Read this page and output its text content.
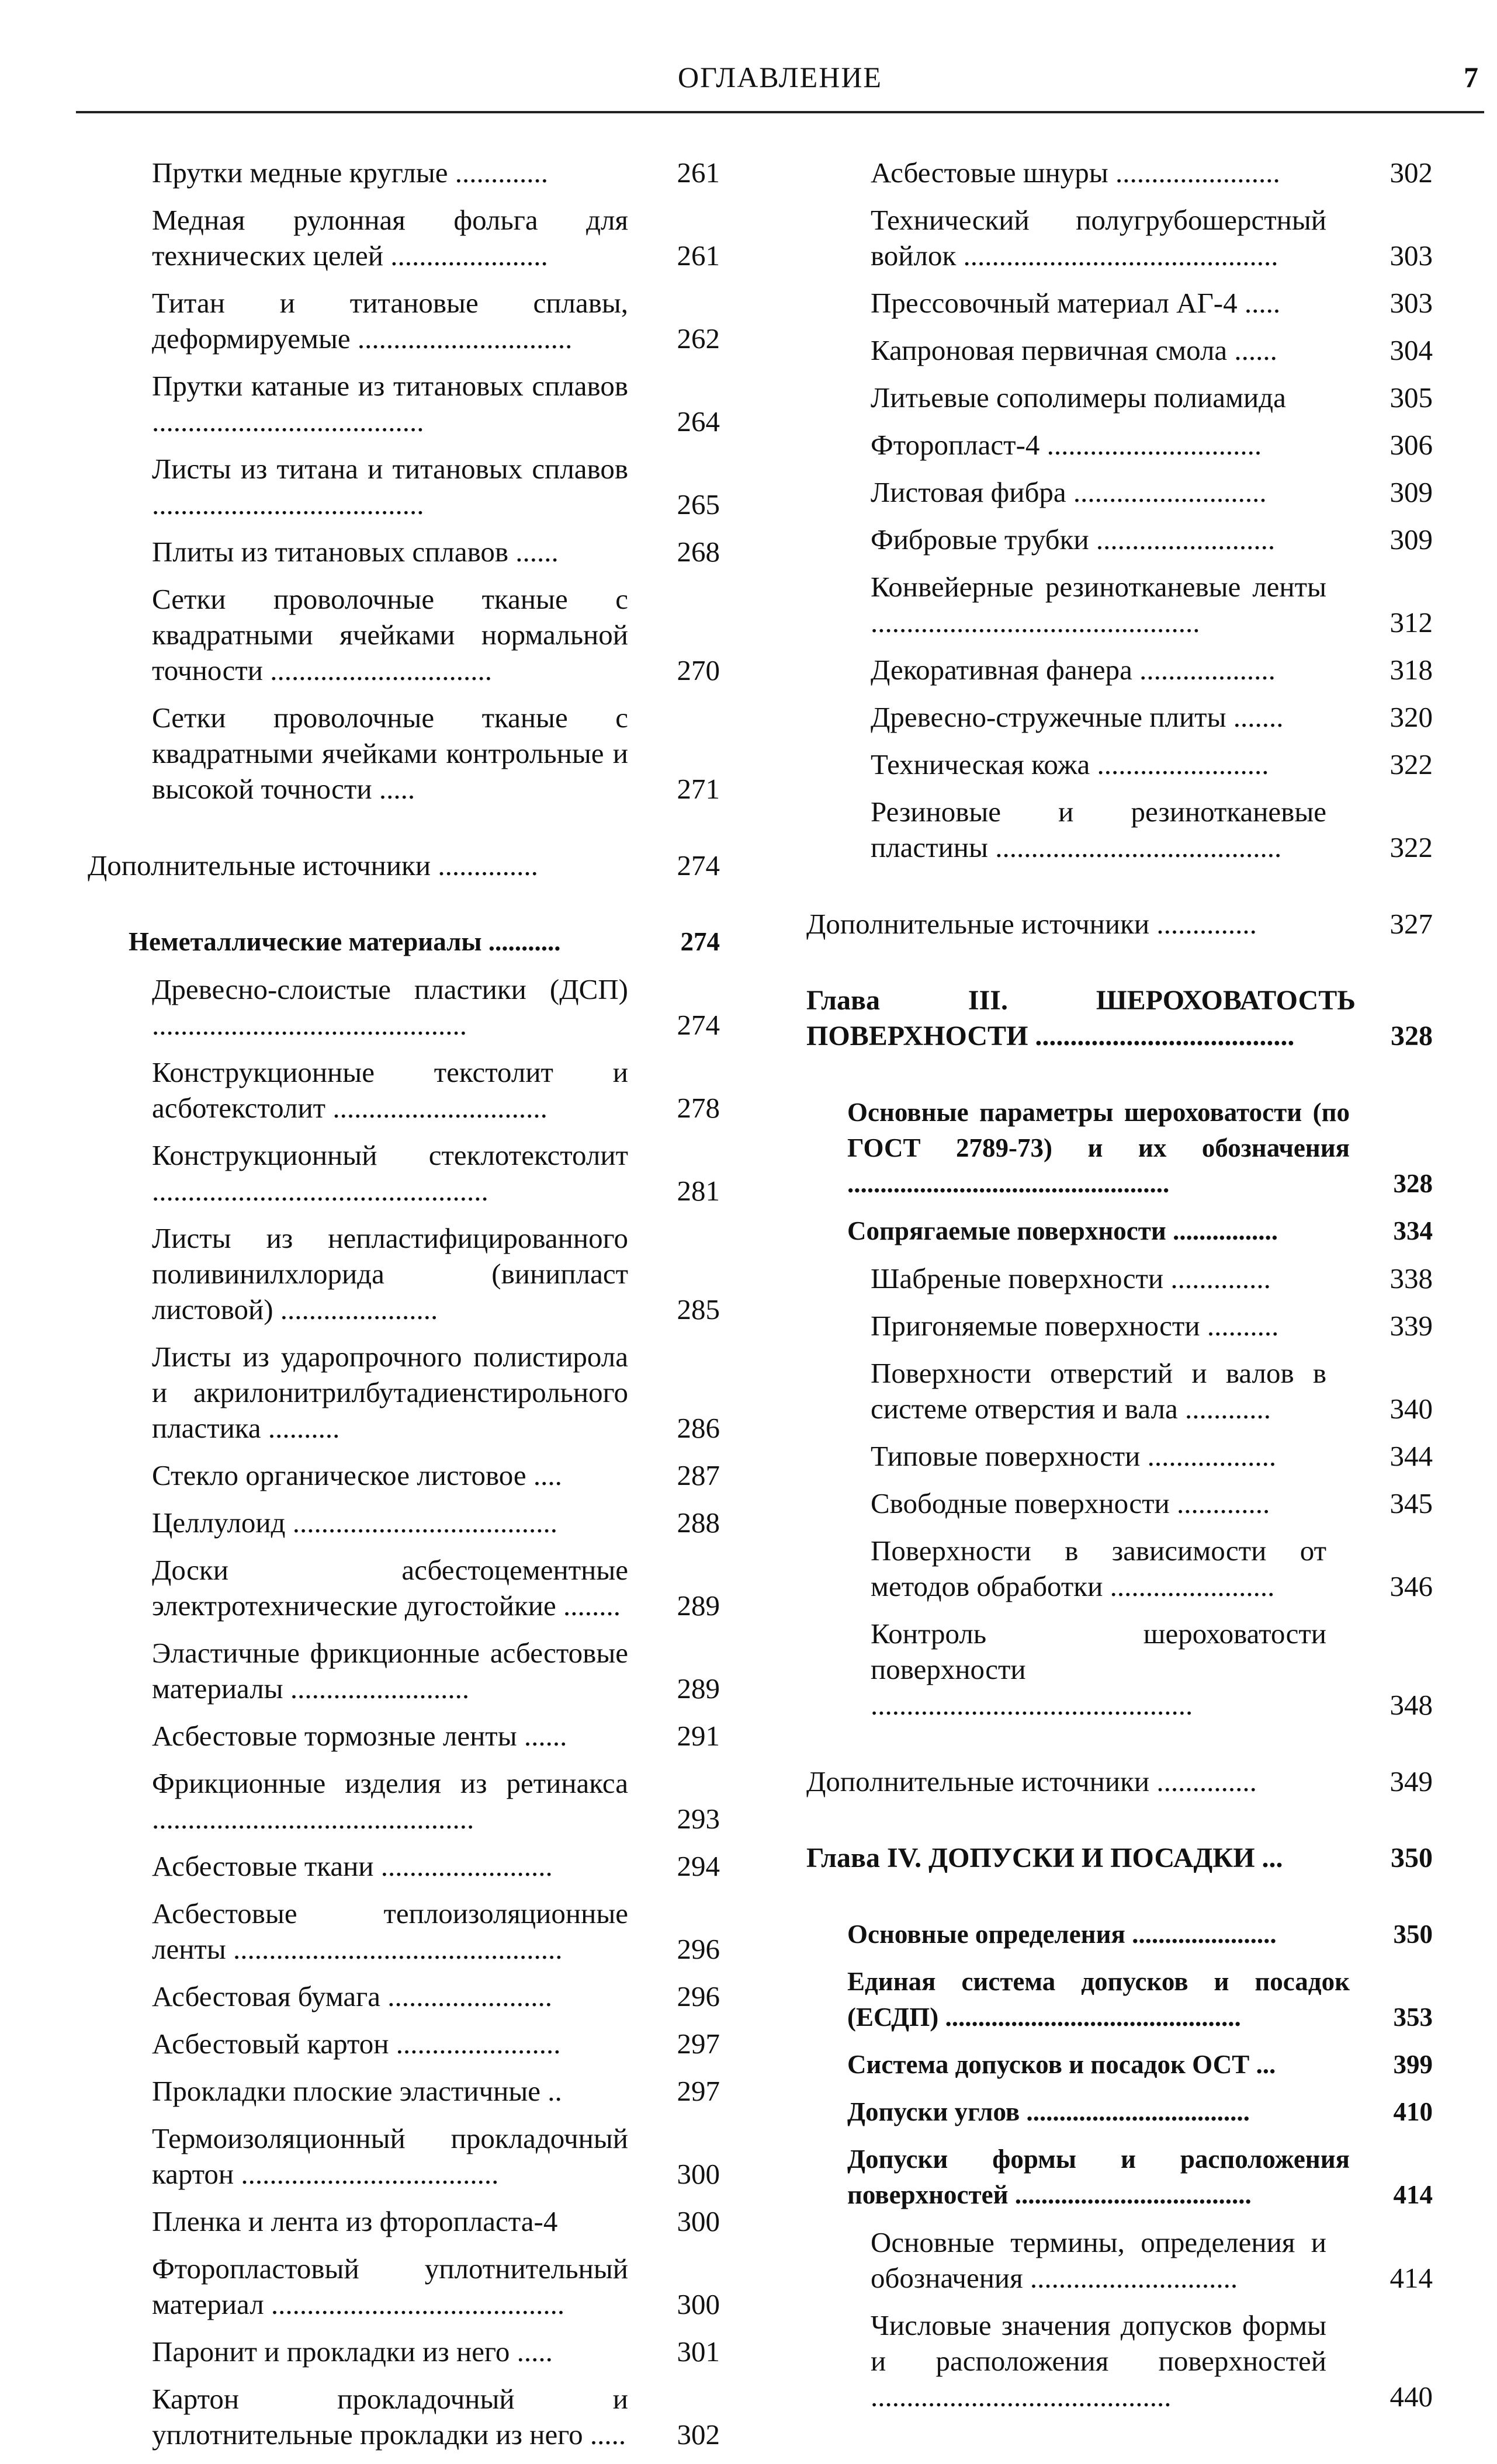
ОГЛАВЛЕНИЕ	7
Прутки медные круглые .............	261
Медная рулонная фольга для технических целей ......................	261
Титан и титановые сплавы, деформируемые ..............................	262
Прутки катаные из титановых сплавов ......................................	264
Листы из титана и титановых сплавов ......................................	265
Плиты из титановых сплавов ......	268
Сетки проволочные тканые с квадратными ячейками нормальной точности ...............................	270
Сетки проволочные тканые с квадратными ячейками контрольные и высокой точности .....	271
Дополнительные источники ..............	274
Неметаллические материалы ...........	274
Древесно-слоистые пластики (ДСП) ............................................	274
Конструкционные текстолит и асботекстолит ..............................	278
Конструкционный стеклотекстолит ...............................................	281
Листы из непластифицированного поливинилхлорида (винипласт листовой) ......................	285
Листы из ударопрочного полистирола и акрилонитрилбутадиенстирольного пластика ..........	286
Стекло органическое листовое ....	287
Целлулоид .....................................	288
Доски асбестоцементные электротехнические дугостойкие ........	289
Эластичные фрикционные асбестовые материалы .........................	289
Асбестовые тормозные ленты ......	291
Фрикционные изделия из ретинакса .............................................	293
Асбестовые ткани ........................	294
Асбестовые теплоизоляционные ленты ..............................................	296
Асбестовая бумага .......................	296
Асбестовый картон .......................	297
Прокладки плоские эластичные ..	297
Термоизоляционный прокладочный картон ....................................	300
Пленка и лента из фторопласта-4	300
Фторопластовый уплотнительный материал .........................................	300
Паронит и прокладки из него .....	301
Картон прокладочный и уплотнительные прокладки из него .....	302
Асбестовые шнуры .......................	302
Технический полугрубошерстный войлок ............................................	303
Прессовочный материал АГ-4 .....	303
Капроновая первичная смола ......	304
Литьевые сополимеры полиамида	305
Фторопласт-4 ..............................	306
Листовая фибра ...........................	309
Фибровые трубки .........................	309
Конвейерные резинотканевые ленты ..............................................	312
Декоративная фанера ...................	318
Древесно-стружечные плиты .......	320
Техническая кожа ........................	322
Резиновые и резинотканевые пластины ........................................	322
Дополнительные источники ..............	327
Глава III. ШЕРОХОВАТОСТЬ ПОВЕРХНОСТИ .....................................	328
Основные параметры шероховатости (по ГОСТ 2789-73) и их обозначения .................................................	328
Сопрягаемые поверхности ................	334
Шабреные поверхности ..............	338
Пригоняемые поверхности ..........	339
Поверхности отверстий и валов в системе отверстия и вала ............	340
Типовые поверхности ..................	344
Свободные поверхности .............	345
Поверхности в зависимости от методов обработки .......................	346
Контроль шероховатости поверхности .............................................	348
Дополнительные источники ..............	349
Глава IV. ДОПУСКИ И ПОСАДКИ ...	350
Основные определения ......................	350
Единая система допусков и посадок (ЕСДП) .............................................	353
Система допусков и посадок ОСТ ...	399
Допуски углов ..................................	410
Допуски формы и расположения поверхностей ....................................	414
Основные термины, определения и обозначения .............................	414
Числовые значения допусков формы и расположения поверхностей ..........................................	440
